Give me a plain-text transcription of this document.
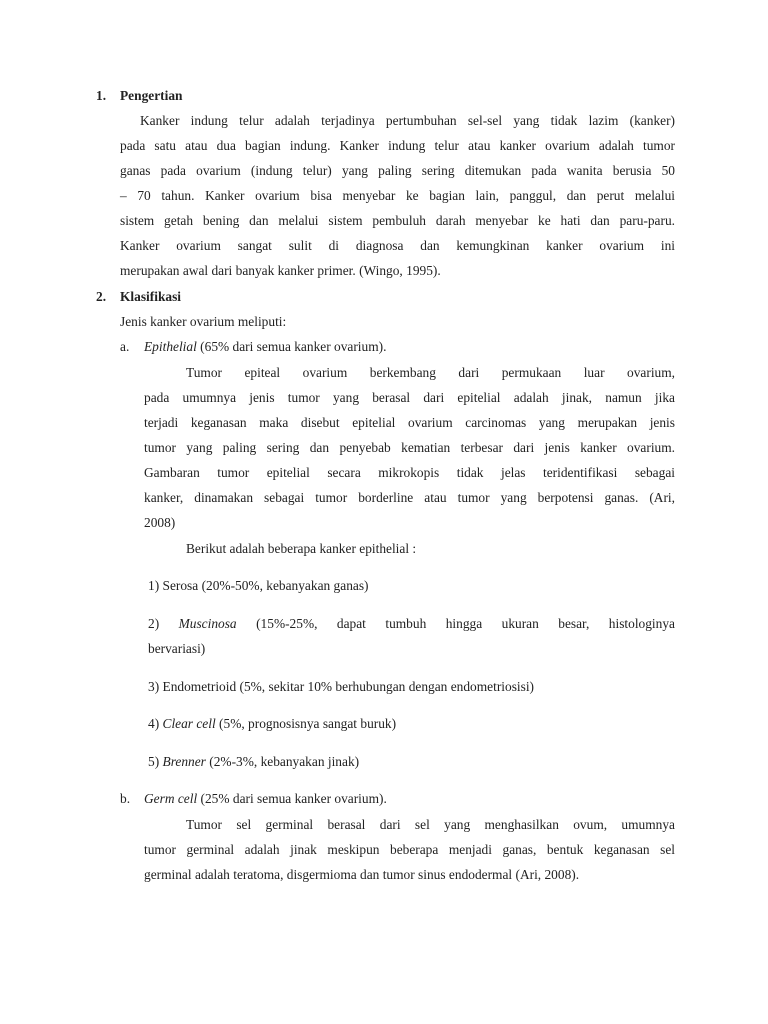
1. Pengertian
Kanker indung telur adalah terjadinya pertumbuhan sel-sel yang tidak lazim (kanker)
pada satu atau dua bagian indung. Kanker indung telur atau kanker ovarium adalah tumor
ganas pada ovarium (indung telur) yang paling sering ditemukan pada wanita berusia 50
– 70 tahun. Kanker ovarium bisa menyebar ke bagian lain, panggul, dan perut melalui
sistem getah bening dan melalui sistem pembuluh darah menyebar ke hati dan paru-paru.
Kanker ovarium sangat sulit di diagnosa dan kemungkinan kanker ovarium ini
merupakan awal dari banyak kanker primer. (Wingo, 1995).
2. Klasifikasi
Jenis kanker ovarium meliputi:
a. Epithelial (65% dari semua kanker ovarium).
Tumor epiteal ovarium berkembang dari permukaan luar ovarium,
pada umumnya jenis tumor yang berasal dari epitelial adalah jinak, namun jika
terjadi keganasan maka disebut epitelial ovarium carcinomas yang merupakan jenis
tumor yang paling sering dan penyebab kematian terbesar dari jenis kanker ovarium.
Gambaran tumor epitelial secara mikrokopis tidak jelas teridentifikasi sebagai
kanker, dinamakan sebagai tumor borderline atau tumor yang berpotensi ganas. (Ari,
2008)
Berikut adalah beberapa kanker epithelial :
1) Serosa (20%-50%, kebanyakan ganas)
2) Muscinosa (15%-25%, dapat tumbuh hingga ukuran besar, histologinya
bervariasi)
3) Endometrioid (5%, sekitar 10% berhubungan dengan endometriosisi)
4) Clear cell (5%, prognosisnya sangat buruk)
5) Brenner (2%-3%, kebanyakan jinak)
b. Germ cell (25% dari semua kanker ovarium).
Tumor sel germinal berasal dari sel yang menghasilkan ovum, umumnya
tumor germinal adalah jinak meskipun beberapa menjadi ganas, bentuk keganasan sel
germinal adalah teratoma, disgermioma dan tumor sinus endodermal (Ari, 2008).
